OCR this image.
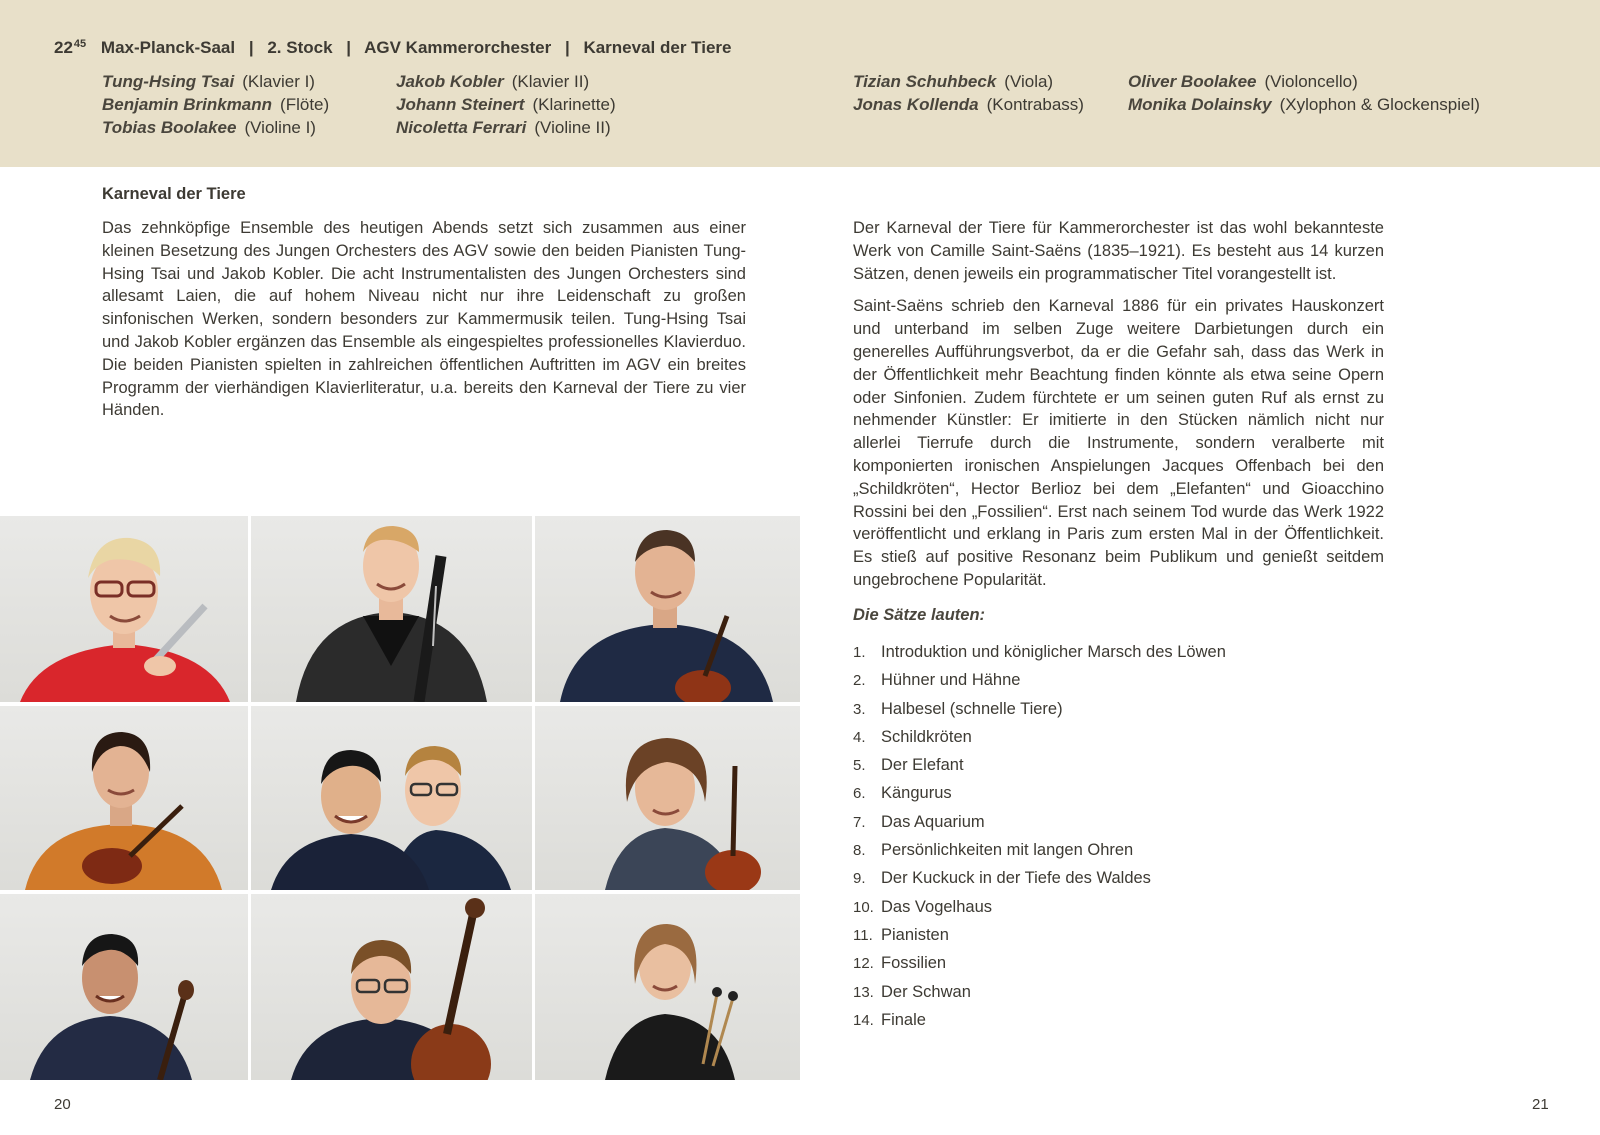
$22^{45}$ Max-Planck-Saal | 2. Stock | AGV Kammerorchester | Karneval der Tiere
Tung-Hsing Tsai (Klavier I)
Benjamin Brinkmann (Flöte)
Tobias Boolakee (Violine I)
Jakob Kobler (Klavier II)
Johann Steinert (Klarinette)
Nicoletta Ferrari (Violine II)
Tizian Schuhbeck (Viola)
Jonas Kollenda (Kontrabass)
Oliver Boolakee (Violoncello)
Monika Dolainsky (Xylophon & Glockenspiel)
Karneval der Tiere

Das zehnköpfige Ensemble des heutigen Abends setzt sich zusammen aus einer kleinen Besetzung des Jungen Orchesters des AGV sowie den beiden Pianisten Tung-Hsing Tsai und Jakob Kobler. Die acht Instrumentalisten des Jungen Orchesters sind allesamt Laien, die auf hohem Niveau nicht nur ihre Leidenschaft zu großen sinfonischen Werken, sondern besonders zur Kammermusik teilen. Tung-Hsing Tsai und Jakob Kobler ergänzen das Ensemble als eingespieltes professionelles Klavierduo. Die beiden Pianisten spielten in zahlreichen öffentlichen Auftritten im AGV ein breites Programm der vierhändigen Klavierliteratur, u.a. bereits den Karneval der Tiere zu vier Händen.

Der Karneval der Tiere für Kammerorchester ist das wohl bekannteste Werk von Camille Saint-Saëns (1835–1921). Es besteht aus 14 kurzen Sätzen, denen jeweils ein programmatischer Titel vorangestellt ist.

Saint-Saëns schrieb den Karneval 1886 für ein privates Hauskonzert und unterband im selben Zuge weitere Darbietungen durch ein generelles Aufführungsverbot, da er die Gefahr sah, dass das Werk in der Öffentlichkeit mehr Beachtung finden könnte als etwa seine Opern oder Sinfonien. Zudem fürchtete er um seinen guten Ruf als ernst zu nehmender Künstler: Er imitierte in den Stücken nämlich nicht nur allerlei Tierrufe durch die Instrumente, sondern veralberte mit komponierten ironischen Anspielungen Jacques Offenbach bei den „Schildkröten“, Hector Berlioz bei dem „Elefanten“ und Gioacchino Rossini bei den „Fossilien“. Erst nach seinem Tod wurde das Werk 1922 veröffentlicht und erklang in Paris zum ersten Mal in der Öffentlichkeit. Es stieß auf positive Resonanz beim Publikum und genießt seitdem ungebrochene Popularität.

Die Sätze lauten:
1. Introduktion und königlicher Marsch des Löwen
2. Hühner und Hähne
3. Halbesel (schnelle Tiere)
4. Schildkröten
5. Der Elefant
6. Kängurus
7. Das Aquarium
8. Persönlichkeiten mit langen Ohren
9. Der Kuckuck in der Tiefe des Waldes
10. Das Vogelhaus
11. Pianisten
12. Fossilien
13. Der Schwan
14. Finale
20	21
